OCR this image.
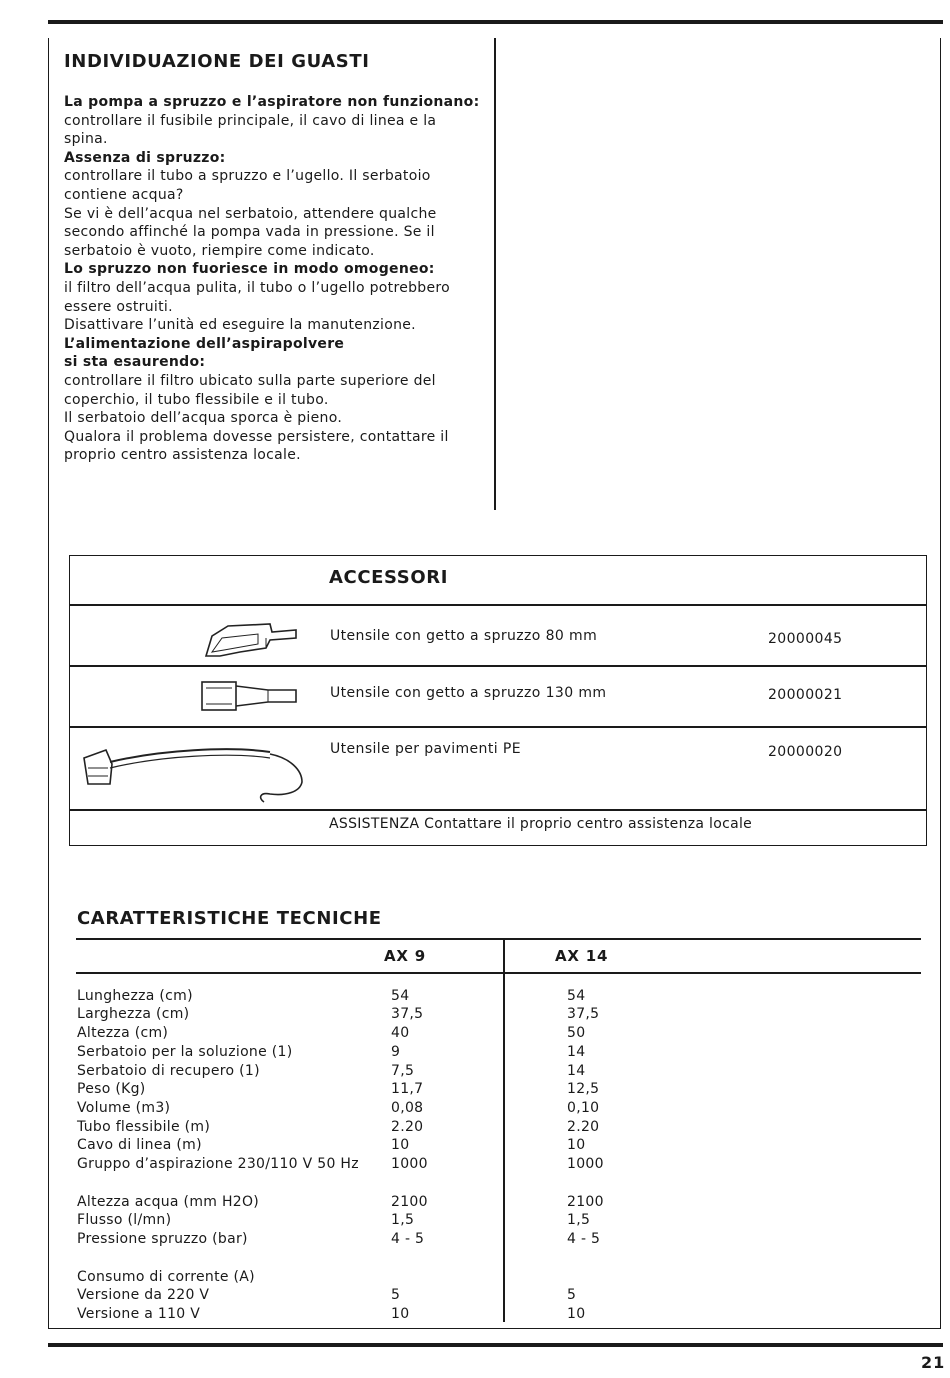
INDIVIDUAZIONE DEI GUASTI
La pompa a spruzzo e l’aspiratore non funzionano:
controllare il fusibile principale, il cavo di linea e la
spina.
Assenza di spruzzo:
controllare il tubo a spruzzo e l’ugello. Il serbatoio
contiene acqua?
Se vi è dell’acqua nel serbatoio, attendere qualche
secondo affinché la pompa vada in pressione. Se il
serbatoio è vuoto, riempire come indicato.
Lo spruzzo non fuoriesce in modo omogeneo:
il filtro dell’acqua pulita, il tubo o l’ugello potrebbero
essere ostruiti.
Disattivare l’unità ed eseguire la manutenzione.
L’alimentazione dell’aspirapolvere
si sta esaurendo:
controllare il filtro ubicato sulla parte superiore del
coperchio, il tubo flessibile e il tubo.
Il serbatoio dell’acqua sporca è pieno.
Qualora il problema dovesse persistere, contattare il
proprio centro assistenza locale.
ACCESSORI
Utensile con getto a spruzzo 80 mm	20000045
Utensile con getto a spruzzo 130 mm	20000021
Utensile per pavimenti PE	20000020
ASSISTENZA Contattare il proprio centro assistenza locale
CARATTERISTICHE TECNICHE
AX 9	AX 14
Lunghezza (cm)	54	54
Larghezza (cm)	37,5	37,5
Altezza (cm)	40	50
Serbatoio per la soluzione (1)	9	14
Serbatoio di recupero (1)	7,5	14
Peso (Kg)	11,7	12,5
Volume (m3)	0,08	0,10
Tubo flessibile (m)	2.20	2.20
Cavo di linea (m)	10	10
Gruppo d’aspirazione 230/110 V 50 Hz 1000	1000
Altezza acqua (mm H2O)	2100	2100
Flusso (l/mn)	1,5	1,5
Pressione spruzzo (bar)	4 - 5	4 - 5
Consumo di corrente (A)
Versione da 220 V	5	5
Versione a 110 V	10	10
21
